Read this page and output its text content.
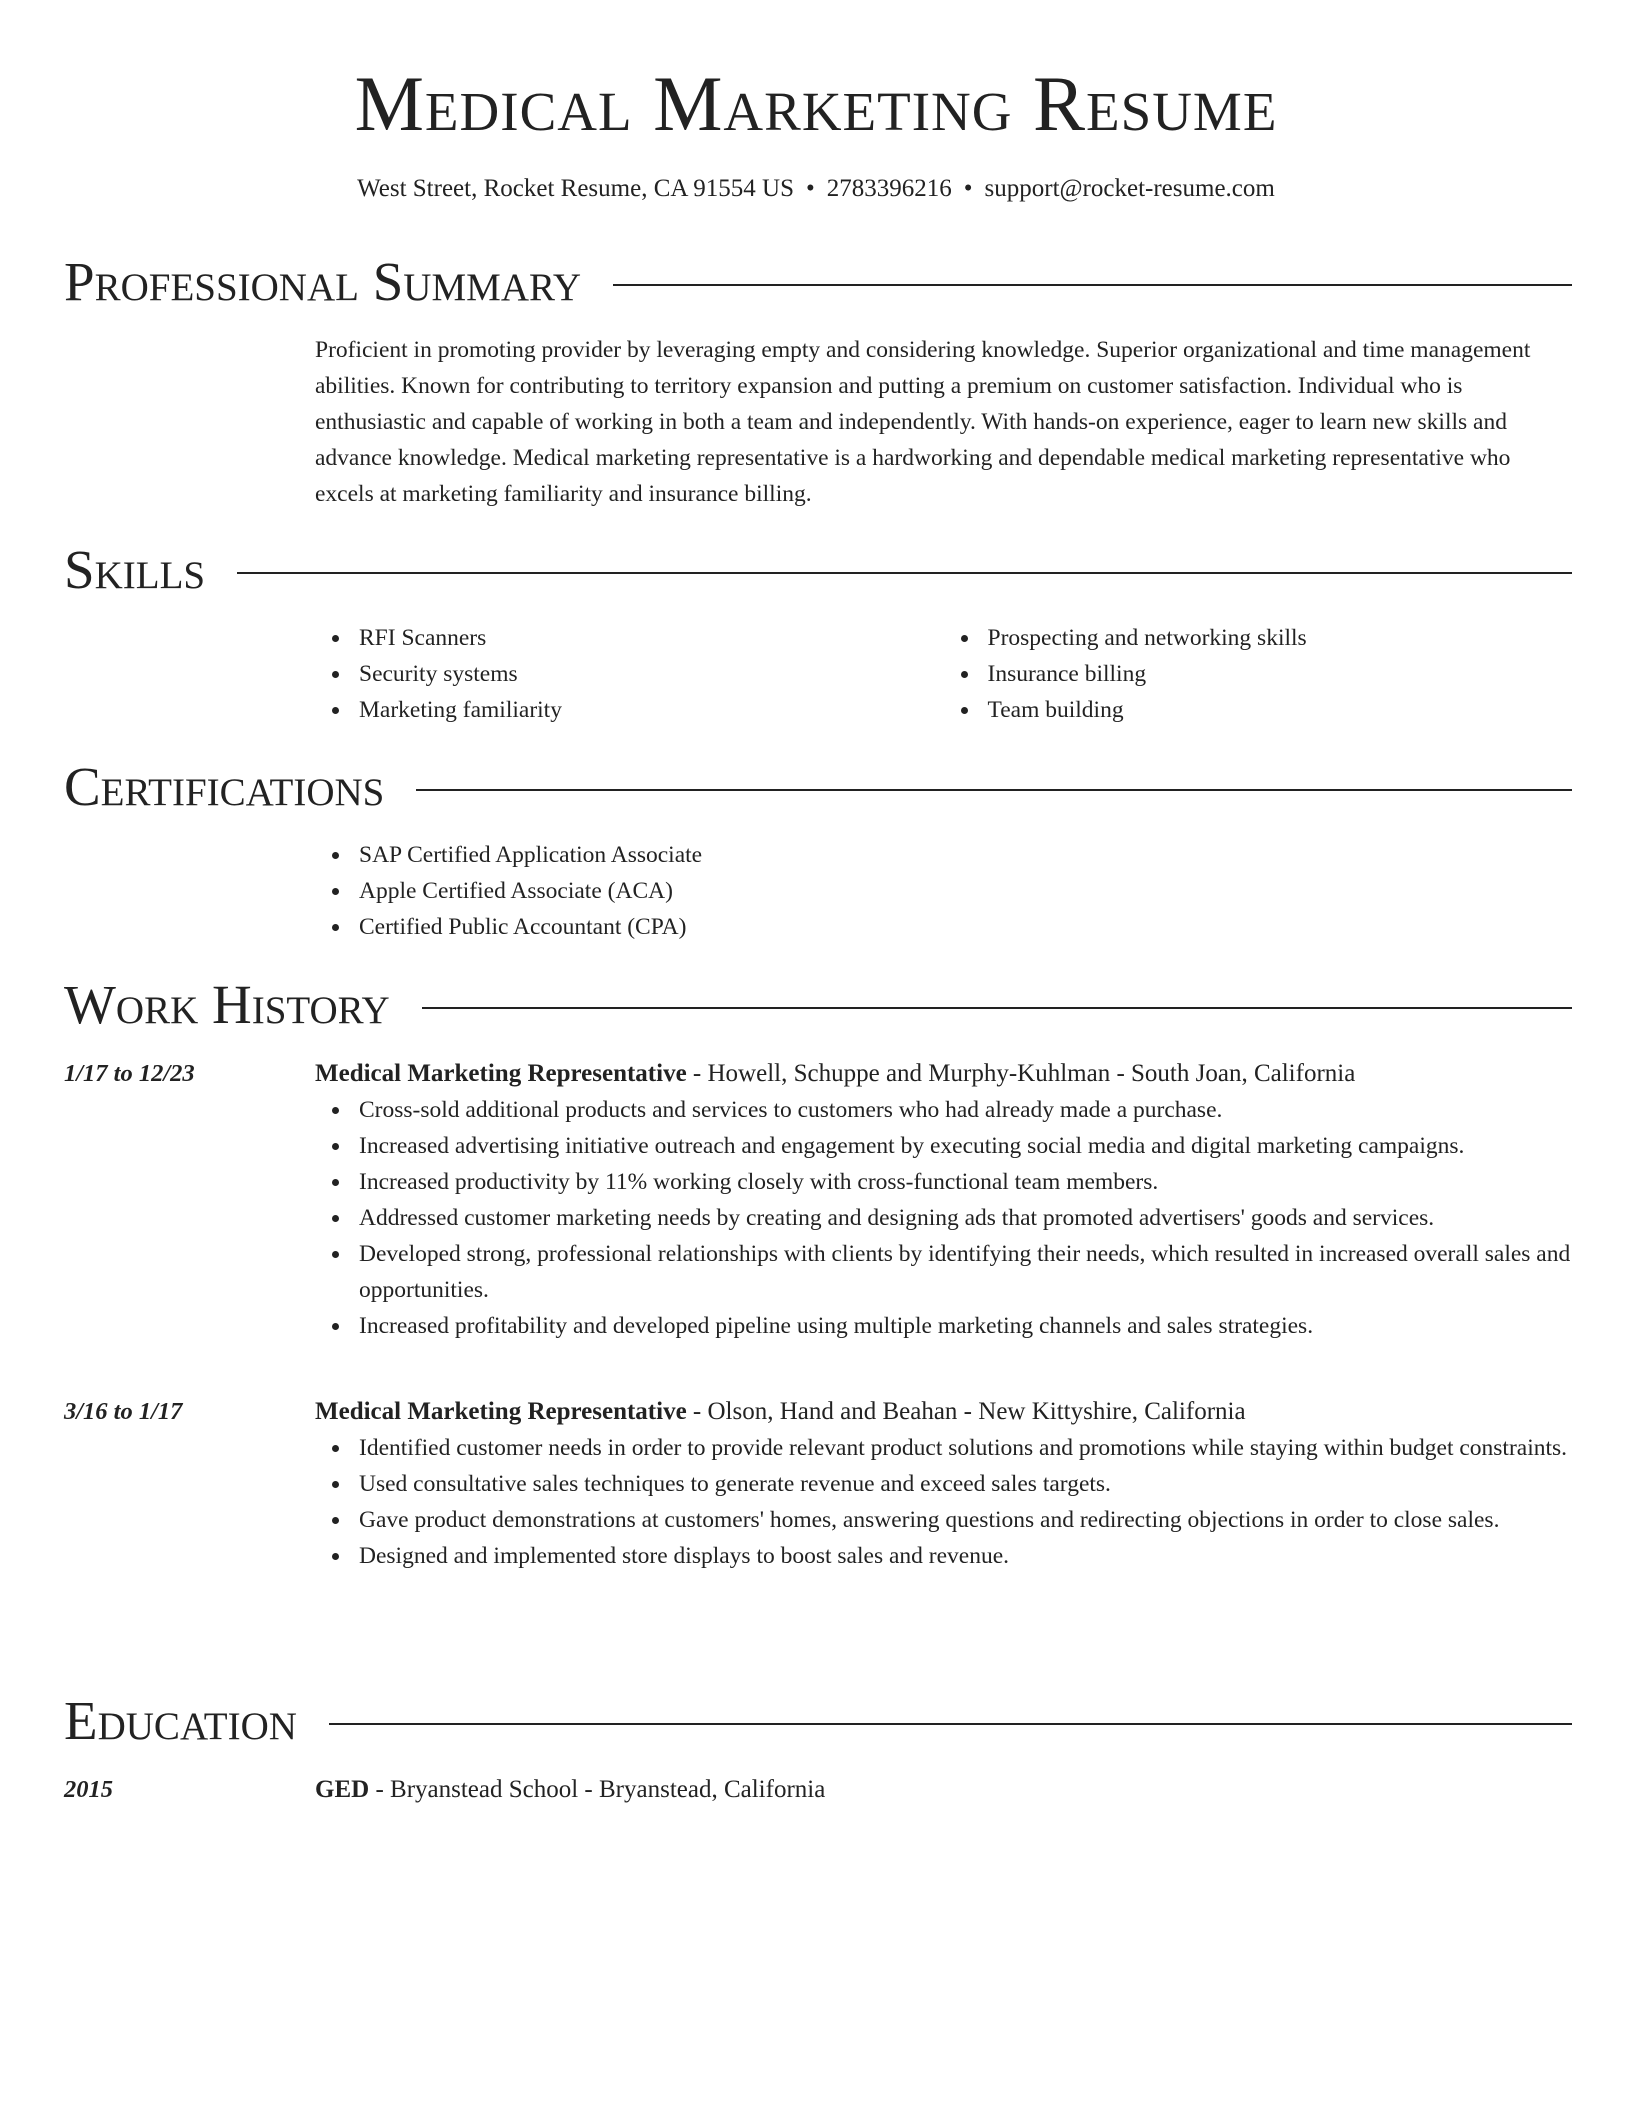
Medical Marketing Resume
West Street, Rocket Resume, CA 91554 US • 2783396216 • support@rocket-resume.com
Professional Summary

Proficient in promoting provider by leveraging empty and considering knowledge. Superior organizational and time management abilities. Known for contributing to territory expansion and putting a premium on customer satisfaction. Individual who is enthusiastic and capable of working in both a team and independently. With hands-on experience, eager to learn new skills and advance knowledge. Medical marketing representative is a hardworking and dependable medical marketing representative who excels at marketing familiarity and insurance billing.

Skills
RFI Scanners
Security systems
Marketing familiarity
Prospecting and networking skills
Insurance billing
Team building
Certifications
SAP Certified Application Associate
Apple Certified Associate (ACA)
Certified Public Accountant (CPA)
Work History
1/17 to 12/23	Medical Marketing Representative - Howell, Schuppe and Murphy-Kuhlman - South Joan, California
Cross-sold additional products and services to customers who had already made a purchase.
Increased advertising initiative outreach and engagement by executing social media and digital marketing campaigns.
Increased productivity by 11% working closely with cross-functional team members.
Addressed customer marketing needs by creating and designing ads that promoted advertisers' goods and services.
Developed strong, professional relationships with clients by identifying their needs, which resulted in increased overall sales and opportunities.
Increased profitability and developed pipeline using multiple marketing channels and sales strategies.
3/16 to 1/17	Medical Marketing Representative - Olson, Hand and Beahan - New Kittyshire, California
Identified customer needs in order to provide relevant product solutions and promotions while staying within budget constraints.
Used consultative sales techniques to generate revenue and exceed sales targets.
Gave product demonstrations at customers' homes, answering questions and redirecting objections in order to close sales.
Designed and implemented store displays to boost sales and revenue.
Education
2015	GED - Bryanstead School - Bryanstead, California
